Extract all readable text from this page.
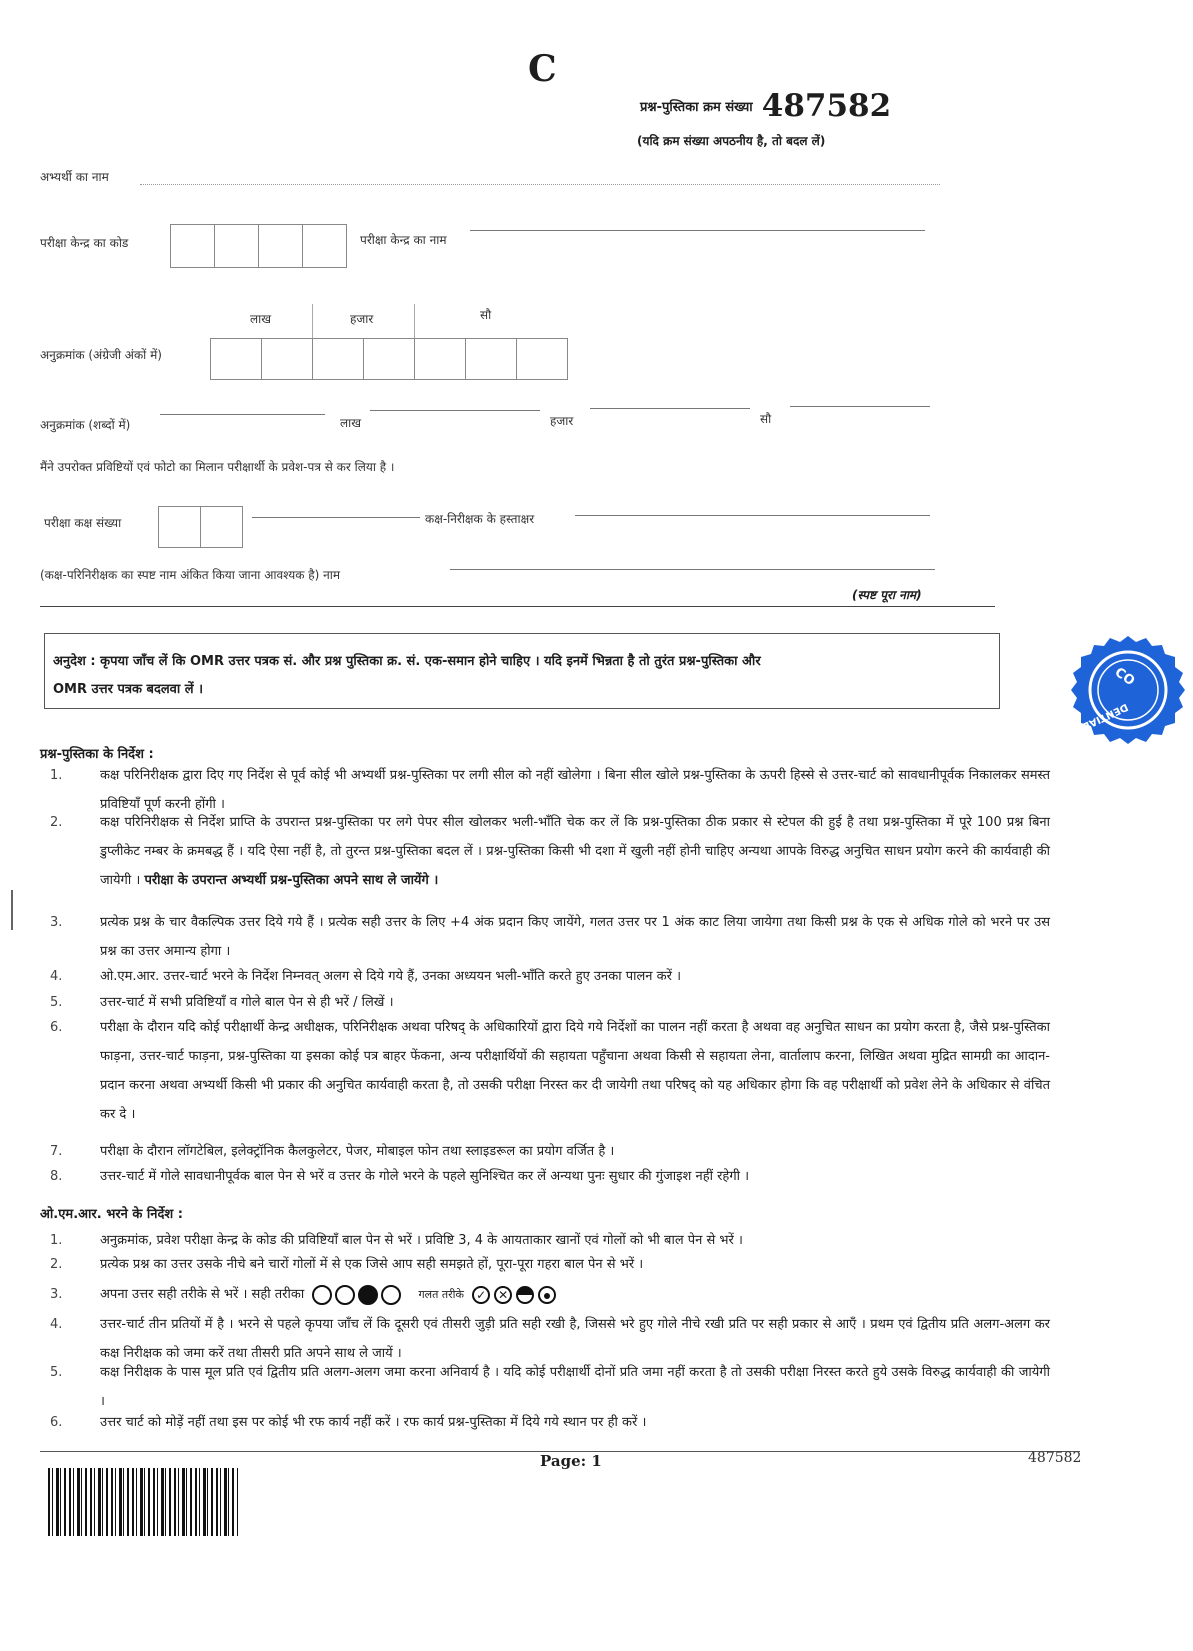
C
प्रश्न-पुस्तिका क्रम संख्या 487582
(यदि क्रम संख्या अपठनीय है, तो बदल लें)
अभ्यर्थी का नाम
परीक्षा केन्द्र का कोड	परीक्षा केन्द्र का नाम
लाख	हजार	सौ
अनुक्रमांक (अंग्रेजी अंकों में)
अनुक्रमांक (शब्दों में)	लाख	हजार	सौ
मैंने उपरोक्त प्रविष्टियों एवं फोटो का मिलान परीक्षार्थी के प्रवेश-पत्र से कर लिया है ।
परीक्षा कक्ष संख्या	कक्ष-निरीक्षक के हस्ताक्षर
(कक्ष-परिनिरीक्षक का स्पष्ट नाम अंकित किया जाना आवश्यक है) नाम
(स्पष्ट पूरा नाम)
अनुदेश : कृपया जाँच लें कि OMR उत्तर पत्रक सं. और प्रश्न पुस्तिका क्र. सं. एक-समान होने चाहिए । यदि इनमें भिन्नता है तो तुरंत प्रश्न-पुस्तिका और
OMR उत्तर पत्रक बदलवा लें ।
CO
DENTIAL
प्रश्न-पुस्तिका के निर्देश :
1.	कक्ष परिनिरीक्षक द्वारा दिए गए निर्देश से पूर्व कोई भी अभ्यर्थी प्रश्न-पुस्तिका पर लगी सील को नहीं खोलेगा । बिना सील खोले प्रश्न-पुस्तिका के ऊपरी हिस्से से उत्तर-चार्ट को सावधानीपूर्वक निकालकर समस्त प्रविष्टियाँ पूर्ण करनी होंगी ।
2.	कक्ष परिनिरीक्षक से निर्देश प्राप्ति के उपरान्त प्रश्न-पुस्तिका पर लगे पेपर सील खोलकर भली-भाँति चेक कर लें कि प्रश्न-पुस्तिका ठीक प्रकार से स्टेपल की हुई है तथा प्रश्न-पुस्तिका में पूरे 100 प्रश्न बिना डुप्लीकेट नम्बर के क्रमबद्ध हैं । यदि ऐसा नहीं है, तो तुरन्त प्रश्न-पुस्तिका बदल लें । प्रश्न-पुस्तिका किसी भी दशा में खुली नहीं होनी चाहिए अन्यथा आपके विरुद्ध अनुचित साधन प्रयोग करने की कार्यवाही की जायेगी । परीक्षा के उपरान्त अभ्यर्थी प्रश्न-पुस्तिका अपने साथ ले जायेंगे ।
3.	प्रत्येक प्रश्न के चार वैकल्पिक उत्तर दिये गये हैं । प्रत्येक सही उत्तर के लिए +4 अंक प्रदान किए जायेंगे, गलत उत्तर पर 1 अंक काट लिया जायेगा तथा किसी प्रश्न के एक से अधिक गोले को भरने पर उस प्रश्न का उत्तर अमान्य होगा ।
4.	ओ.एम.आर. उत्तर-चार्ट भरने के निर्देश निम्नवत् अलग से दिये गये हैं, उनका अध्ययन भली-भाँति करते हुए उनका पालन करें ।
5.	उत्तर-चार्ट में सभी प्रविष्टियाँ व गोले बाल पेन से ही भरें / लिखें ।
6.	परीक्षा के दौरान यदि कोई परीक्षार्थी केन्द्र अधीक्षक, परिनिरीक्षक अथवा परिषद् के अधिकारियों द्वारा दिये गये निर्देशों का पालन नहीं करता है अथवा वह अनुचित साधन का प्रयोग करता है, जैसे प्रश्न-पुस्तिका फाड़ना, उत्तर-चार्ट फाड़ना, प्रश्न-पुस्तिका या इसका कोई पत्र बाहर फेंकना, अन्य परीक्षार्थियों की सहायता पहुँचाना अथवा किसी से सहायता लेना, वार्तालाप करना, लिखित अथवा मुद्रित सामग्री का आदान-प्रदान करना अथवा अभ्यर्थी किसी भी प्रकार की अनुचित कार्यवाही करता है, तो उसकी परीक्षा निरस्त कर दी जायेगी तथा परिषद् को यह अधिकार होगा कि वह परीक्षार्थी को प्रवेश लेने के अधिकार से वंचित कर दे ।
7.	परीक्षा के दौरान लॉगटेबिल, इलेक्ट्रॉनिक कैलकुलेटर, पेजर, मोबाइल फोन तथा स्लाइडरूल का प्रयोग वर्जित है ।
8.	उत्तर-चार्ट में गोले सावधानीपूर्वक बाल पेन से भरें व उत्तर के गोले भरने के पहले सुनिश्चित कर लें अन्यथा पुनः सुधार की गुंजाइश नहीं रहेगी ।
ओ.एम.आर. भरने के निर्देश :
1.	अनुक्रमांक, प्रवेश परीक्षा केन्द्र के कोड की प्रविष्टियाँ बाल पेन से भरें । प्रविष्टि 3, 4 के आयताकार खानों एवं गोलों को भी बाल पेन से भरें ।
2.	प्रत्येक प्रश्न का उत्तर उसके नीचे बने चारों गोलों में से एक जिसे आप सही समझते हों, पूरा-पूरा गहरा बाल पेन से भरें ।
3.	अपना उत्तर सही तरीके से भरें । सही तरीका	गलत तरीके ✓ ✕
4.	उत्तर-चार्ट तीन प्रतियों में है । भरने से पहले कृपया जाँच लें कि दूसरी एवं तीसरी जुड़ी प्रति सही रखी है, जिससे भरे हुए गोले नीचे रखी प्रति पर सही प्रकार से आएँ । प्रथम एवं द्वितीय प्रति अलग-अलग कर कक्ष निरीक्षक को जमा करें तथा तीसरी प्रति अपने साथ ले जायें ।
5.	कक्ष निरीक्षक के पास मूल प्रति एवं द्वितीय प्रति अलग-अलग जमा करना अनिवार्य है । यदि कोई परीक्षार्थी दोनों प्रति जमा नहीं करता है तो उसकी परीक्षा निरस्त करते हुये उसके विरुद्ध कार्यवाही की जायेगी ।
6.	उत्तर चार्ट को मोड़ें नहीं तथा इस पर कोई भी रफ कार्य नहीं करें । रफ कार्य प्रश्न-पुस्तिका में दिये गये स्थान पर ही करें ।
Page: 1	487582
